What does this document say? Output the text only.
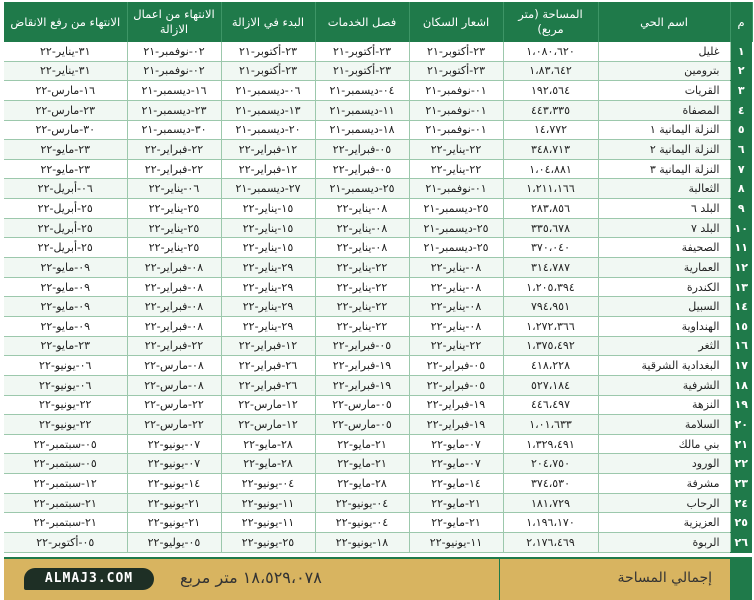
م	اسم الحي	المساحة (متر مربع)	اشعار السكان	فصل الخدمات	البدء في الازالة	الانتهاء من اعمال الازالة	الانتهاء من رفع الانقاض
١	غليل	١،٠٨٠،٦٢٠	٢٣-أكتوبر-٢١	٢٣-أكتوبر-٢١	٢٣-أكتوبر-٢١	٠٢-نوفمبر-٢١	٣١-يناير-٢٢
٢	بترومين	١،٨٣،٦٤٢	٢٣-أكتوبر-٢١	٢٣-أكتوبر-٢١	٢٣-أكتوبر-٢١	٠٢-نوفمبر-٢١	٣١-يناير-٢٢
٣	القريات	١٩٢،٥٦٤	٠١-نوفمبر-٢١	٠٤-ديسمبر-٢١	٠٦-ديسمبر-٢١	١٦-ديسمبر-٢١	١٦-مارس-٢٢
٤	المصفاة	٤٤٣،٣٣٥	٠١-نوفمبر-٢١	١١-ديسمبر-٢١	١٣-ديسمبر-٢١	٢٣-ديسمبر-٢١	٢٣-مارس-٢٢
٥	النزلة اليمانية ١	١٤،٧٧٢	٠١-نوفمبر-٢١	١٨-ديسمبر-٢١	٢٠-ديسمبر-٢١	٣٠-ديسمبر-٢١	٣٠-مارس-٢٢
٦	النزلة اليمانية ٢	٣٤٨،٧١٣	٢٢-يناير-٢٢	٠٥-فبراير-٢٢	١٢-فبراير-٢٢	٢٢-فبراير-٢٢	٢٣-مايو-٢٢
٧	النزلة اليمانية ٣	١،٠٤،٨٨١	٢٢-يناير-٢٢	٠٥-فبراير-٢٢	١٢-فبراير-٢٢	٢٢-فبراير-٢٢	٢٣-مايو-٢٢
٨	الثعالبة	١،٢١١،١٦٦	٠١-نوفمبر-٢١	٢٥-ديسمبر-٢١	٢٧-ديسمبر-٢١	٠٦-يناير-٢٢	٠٦-أبريل-٢٢
٩	البلد ٦	٢٨٣،٨٥٦	٢٥-ديسمبر-٢١	٠٨-يناير-٢٢	١٥-يناير-٢٢	٢٥-يناير-٢٢	٢٥-أبريل-٢٢
١٠	البلد ٧	٣٣٥،٦٧٨	٢٥-ديسمبر-٢١	٠٨-يناير-٢٢	١٥-يناير-٢٢	٢٥-يناير-٢٢	٢٥-أبريل-٢٢
١١	الصحيفة	٣٧٠،٠٤٠	٢٥-ديسمبر-٢١	٠٨-يناير-٢٢	١٥-يناير-٢٢	٢٥-يناير-٢٢	٢٥-أبريل-٢٢
١٢	العمارية	٣١٤،٧٨٧	٠٨-يناير-٢٢	٢٢-يناير-٢٢	٢٩-يناير-٢٢	٠٨-فبراير-٢٢	٠٩-مايو-٢٢
١٣	الكندرة	١،٢٠٥،٣٩٤	٠٨-يناير-٢٢	٢٢-يناير-٢٢	٢٩-يناير-٢٢	٠٨-فبراير-٢٢	٠٩-مايو-٢٢
١٤	السبيل	٧٩٤،٩٥١	٠٨-يناير-٢٢	٢٢-يناير-٢٢	٢٩-يناير-٢٢	٠٨-فبراير-٢٢	٠٩-مايو-٢٢
١٥	الهنداوية	١،٢٧٢،٣٦٦	٠٨-يناير-٢٢	٢٢-يناير-٢٢	٢٩-يناير-٢٢	٠٨-فبراير-٢٢	٠٩-مايو-٢٢
١٦	الثغر	١،٣٧٥،٤٩٢	٢٢-يناير-٢٢	٠٥-فبراير-٢٢	١٢-فبراير-٢٢	٢٢-فبراير-٢٢	٢٣-مايو-٢٢
١٧	البغدادية الشرقية	٤١٨،٢٢٨	٠٥-فبراير-٢٢	١٩-فبراير-٢٢	٢٦-فبراير-٢٢	٠٨-مارس-٢٢	٠٦-يونيو-٢٢
١٨	الشرفية	٥٢٧،١٨٤	٠٥-فبراير-٢٢	١٩-فبراير-٢٢	٢٦-فبراير-٢٢	٠٨-مارس-٢٢	٠٦-يونيو-٢٢
١٩	النزهة	٤٤٦،٤٩٧	١٩-فبراير-٢٢	٠٥-مارس-٢٢	١٢-مارس-٢٢	٢٢-مارس-٢٢	٢٢-يونيو-٢٢
٢٠	السلامة	١،٠١،٦٣٣	١٩-فبراير-٢٢	٠٥-مارس-٢٢	١٢-مارس-٢٢	٢٢-مارس-٢٢	٢٢-يونيو-٢٢
٢١	بني مالك	١،٣٢٩،٤٩١	٠٧-مايو-٢٢	٢١-مايو-٢٢	٢٨-مايو-٢٢	٠٧-يونيو-٢٢	٠٥-سبتمبر-٢٢
٢٢	الورود	٢٠٤،٧٥٠	٠٧-مايو-٢٢	٢١-مايو-٢٢	٢٨-مايو-٢٢	٠٧-يونيو-٢٢	٠٥-سبتمبر-٢٢
٢٣	مشرفة	٣٧٤،٥٣٠	١٤-مايو-٢٢	٢٨-مايو-٢٢	٠٤-يونيو-٢٢	١٤-يونيو-٢٢	١٢-سبتمبر-٢٢
٢٤	الرحاب	١٨١،٧٢٩	٢١-مايو-٢٢	٠٤-يونيو-٢٢	١١-يونيو-٢٢	٢١-يونيو-٢٢	٢١-سبتمبر-٢٢
٢٥	العزيزية	١،١٩٦،١٧٠	٢١-مايو-٢٢	٠٤-يونيو-٢٢	١١-يونيو-٢٢	٢١-يونيو-٢٢	٢١-سبتمبر-٢٢
٢٦	الربوة	٢،١٧٦،٤٦٩	١١-يونيو-٢٢	١٨-يونيو-٢٢	٢٥-يونيو-٢٢	٠٥-يوليو-٢٢	٠٥-أكتوبر-٢٢
إجمالي المساحة
١٨،٥٢٩،٠٧٨ متر مربع
ALMAJ3.COM
